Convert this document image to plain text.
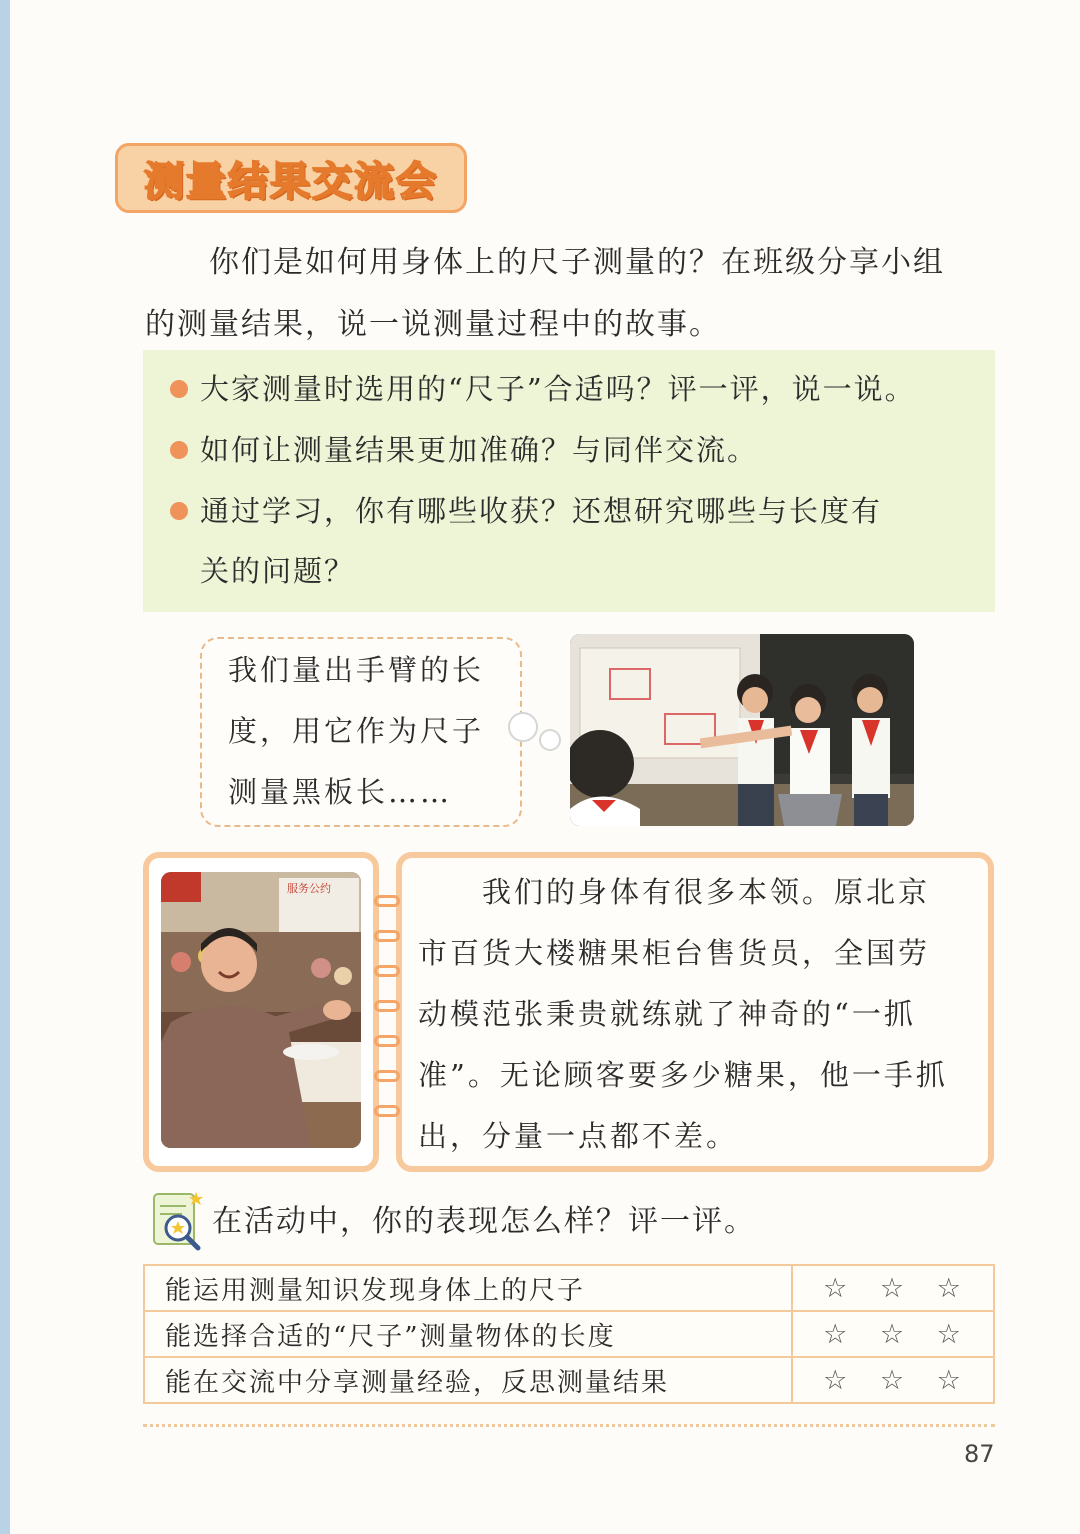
测量结果交流会
你们是如何用身体上的尺子测量的？在班级分享小组
的测量结果，说一说测量过程中的故事。
大家测量时选用的“尺子”合适吗？评一评，说一说。
如何让测量结果更加准确？与同伴交流。
通过学习，你有哪些收获？还想研究哪些与长度有
关的问题？
我们量出手臂的长
度，用它作为尺子
测量黑板长……
服务公约	我们的身体有很多本领。原北京
市百货大楼糖果柜台售货员，全国劳
动模范张秉贵就练就了神奇的“一抓
准”。无论顾客要多少糖果，他一手抓
出，分量一点都不差。
在活动中，你的表现怎么样？评一评。
能运用测量知识发现身体上的尺子	☆ ☆ ☆
能选择合适的“尺子”测量物体的长度	☆ ☆ ☆
能在交流中分享测量经验，反思测量结果	☆ ☆ ☆
87
